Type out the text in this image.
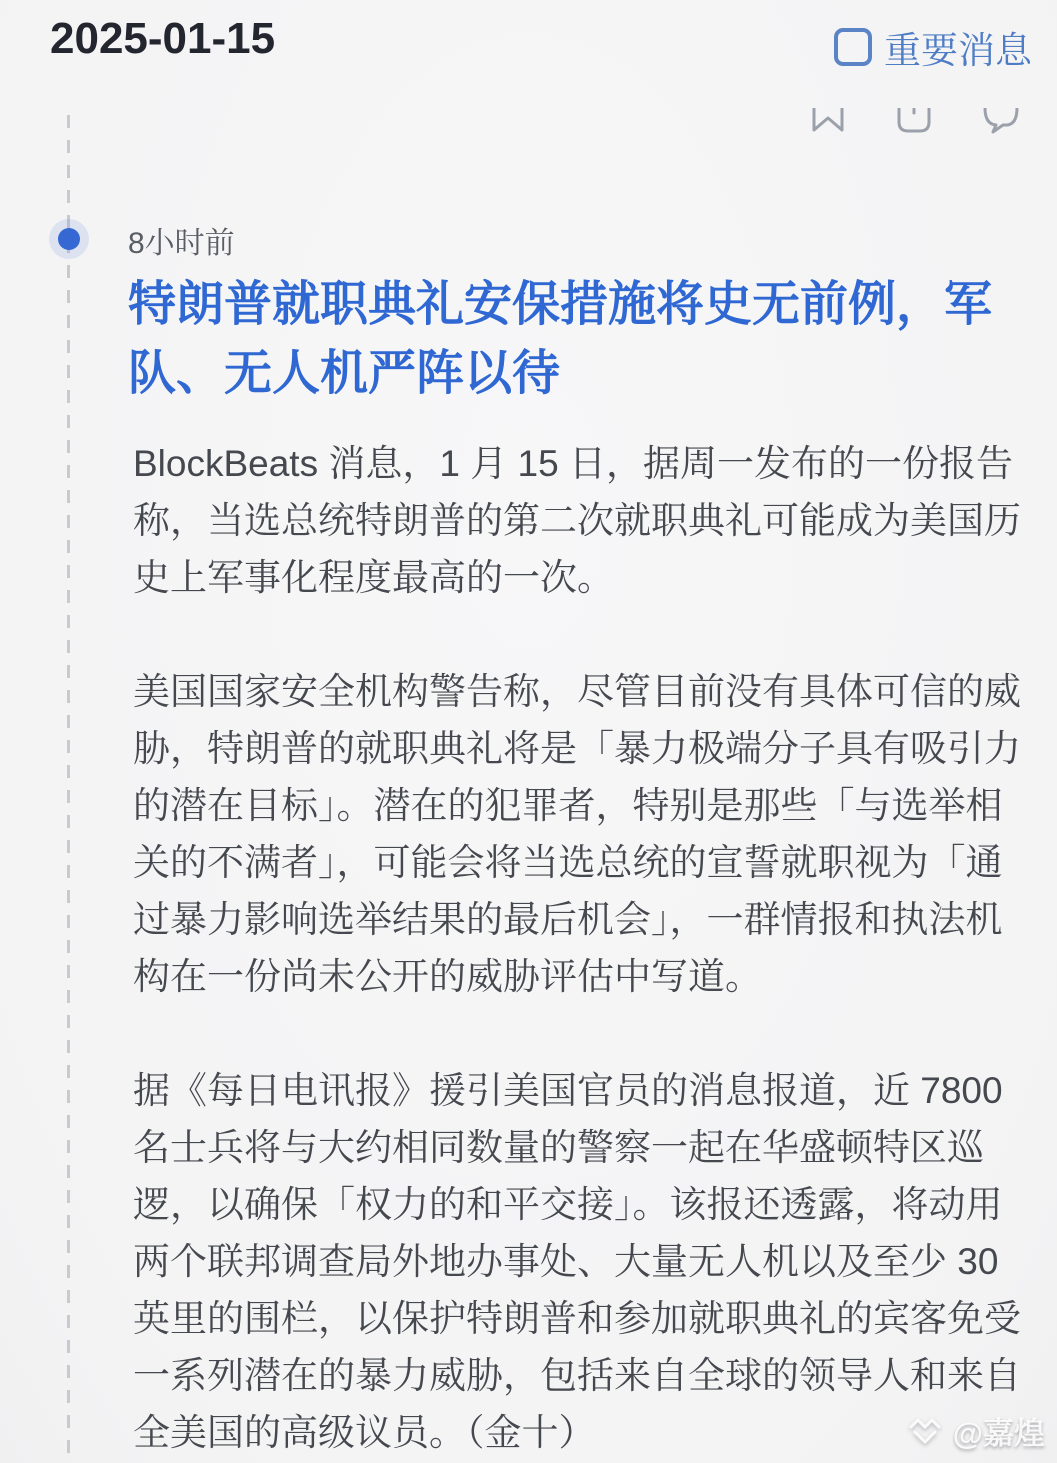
2025-01-15	重要消息
8小时前
特朗普就职典礼安保措施将史无前例，军
队、无人机严阵以待
BlockBeats 消息，1 月 15 日，据周一发布的一份报告
称，当选总统特朗普的第二次就职典礼可能成为美国历
史上军事化程度最高的一次。
美国国家安全机构警告称，尽管目前没有具体可信的威
胁，特朗普的就职典礼将是「暴力极端分子具有吸引力
的潜在目标」。潜在的犯罪者，特别是那些「与选举相
关的不满者」，可能会将当选总统的宣誓就职视为「通
过暴力影响选举结果的最后机会」，一群情报和执法机
构在一份尚未公开的威胁评估中写道。
据《每日电讯报》援引美国官员的消息报道，近 7800
名士兵将与大约相同数量的警察一起在华盛顿特区巡
逻，以确保「权力的和平交接」。该报还透露，将动用
两个联邦调查局外地办事处、大量无人机以及至少 30
英里的围栏，以保护特朗普和参加就职典礼的宾客免受
一系列潜在的暴力威胁，包括来自全球的领导人和来自
全美国的高级议员。（金十）	@嘉煌
